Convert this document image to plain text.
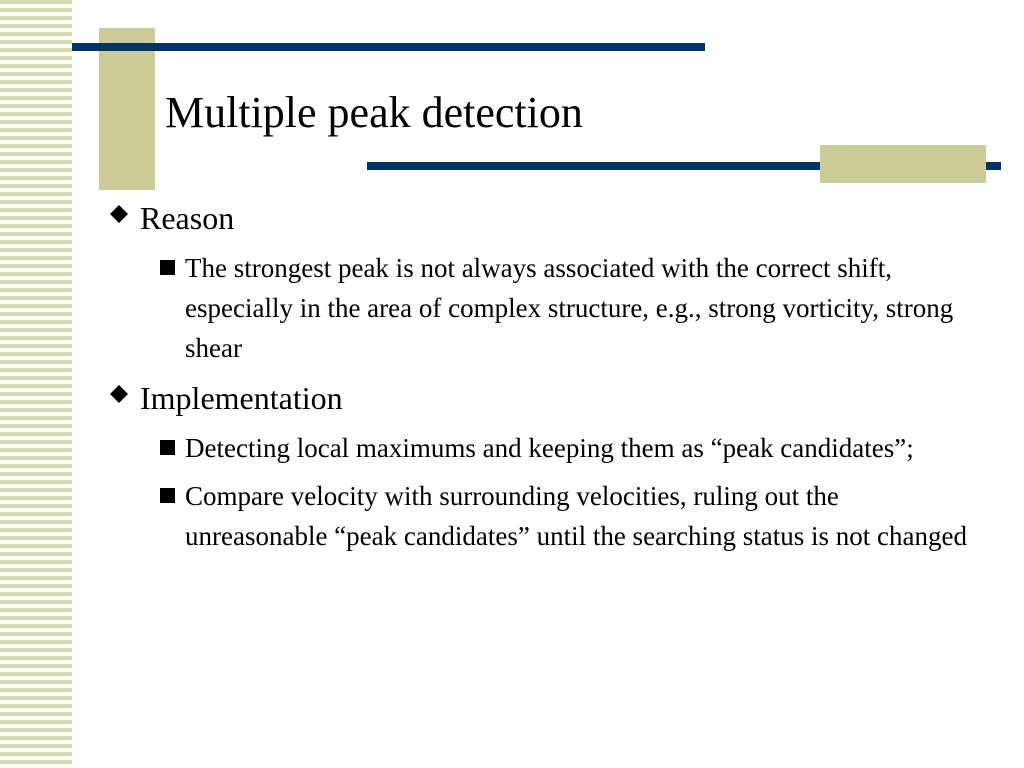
Multiple peak detection
Reason
The strongest peak is not always associated with the correct shift, especially in the area of complex structure, e.g., strong vorticity, strong shear
Implementation
Detecting local maximums and keeping them as “peak candidates”;
Compare velocity with surrounding velocities, ruling out the unreasonable “peak candidates” until the searching status is not changed
